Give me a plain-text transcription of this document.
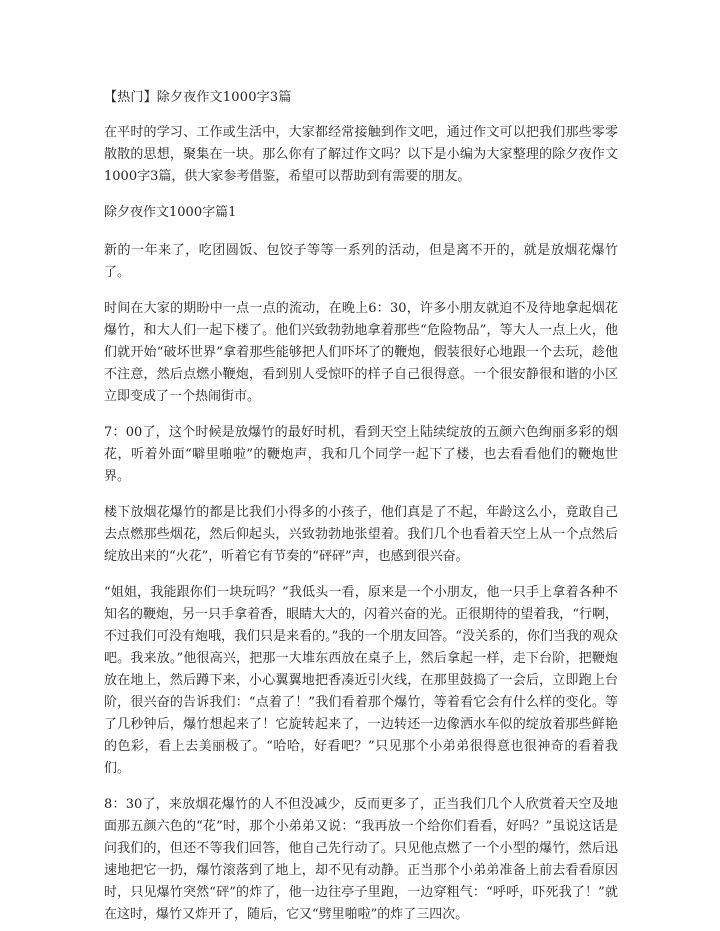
【热门】除夕夜作文1000字3篇

在平时的学习、工作或生活中，大家都经常接触到作文吧，通过作文可以把我们那些零零散散的思想，聚集在一块。那么你有了解过作文吗？以下是小编为大家整理的除夕夜作文1000字3篇，供大家参考借鉴，希望可以帮助到有需要的朋友。

除夕夜作文1000字篇1

新的一年来了，吃团圆饭、包饺子等等一系列的活动，但是离不开的，就是放烟花爆竹了。

时间在大家的期盼中一点一点的流动，在晚上6：30，许多小朋友就迫不及待地拿起烟花爆竹，和大人们一起下楼了。他们兴致勃勃地拿着那些“危险物品”，等大人一点上火，他们就开始“破坏世界”拿着那些能够把人们吓坏了的鞭炮，假装很好心地跟一个去玩，趁他不注意，然后点燃小鞭炮，看到别人受惊吓的样子自己很得意。一个很安静很和谐的小区立即变成了一个热闹街市。

7：00了，这个时候是放爆竹的最好时机，看到天空上陆续绽放的五颜六色绚丽多彩的烟花，听着外面“噼里啪啦”的鞭炮声，我和几个同学一起下了楼，也去看看他们的鞭炮世界。

楼下放烟花爆竹的都是比我们小得多的小孩子，他们真是了不起，年龄这么小，竟敢自己去点燃那些烟花，然后仰起头，兴致勃勃地张望着。我们几个也看着天空上从一个点然后绽放出来的“火花”，听着它有节奏的“砰砰”声，也感到很兴奋。

“姐姐，我能跟你们一块玩吗？”我低头一看，原来是一个小朋友，他一只手上拿着各种不知名的鞭炮，另一只手拿着香，眼睛大大的，闪着兴奋的光。正很期待的望着我，“行啊，不过我们可没有炮哦，我们只是来看的。”我的一个朋友回答。“没关系的，你们当我的观众吧。我来放。”他很高兴，把那一大堆东西放在桌子上，然后拿起一样，走下台阶，把鞭炮放在地上，然后蹲下来，小心翼翼地把香凑近引火线，在那里鼓捣了一会后，立即跑上台阶，很兴奋的告诉我们：“点着了！”我们看着那个爆竹，等着看它会有什么样的变化。等了几秒钟后，爆竹想起来了！它旋转起来了，一边转还一边像洒水车似的绽放着那些鲜艳的色彩，看上去美丽极了。“哈哈，好看吧？”只见那个小弟弟很得意也很神奇的看着我们。

8：30了，来放烟花爆竹的人不但没减少，反而更多了，正当我们几个人欣赏着天空及地面那五颜六色的“花”时，那个小弟弟又说：“我再放一个给你们看看，好吗？”虽说这话是问我们的，但还不等我们回答，他自己先行动了。只见他点燃了一个小型的爆竹，然后迅速地把它一扔，爆竹滚落到了地上，却不见有动静。正当那个小弟弟准备上前去看看原因时，只见爆竹突然“砰”的炸了，他一边往亭子里跑，一边穿粗气：“呼呼，吓死我了！”就在这时，爆竹又炸开了，随后，它又“劈里啪啦”的炸了三四次。
